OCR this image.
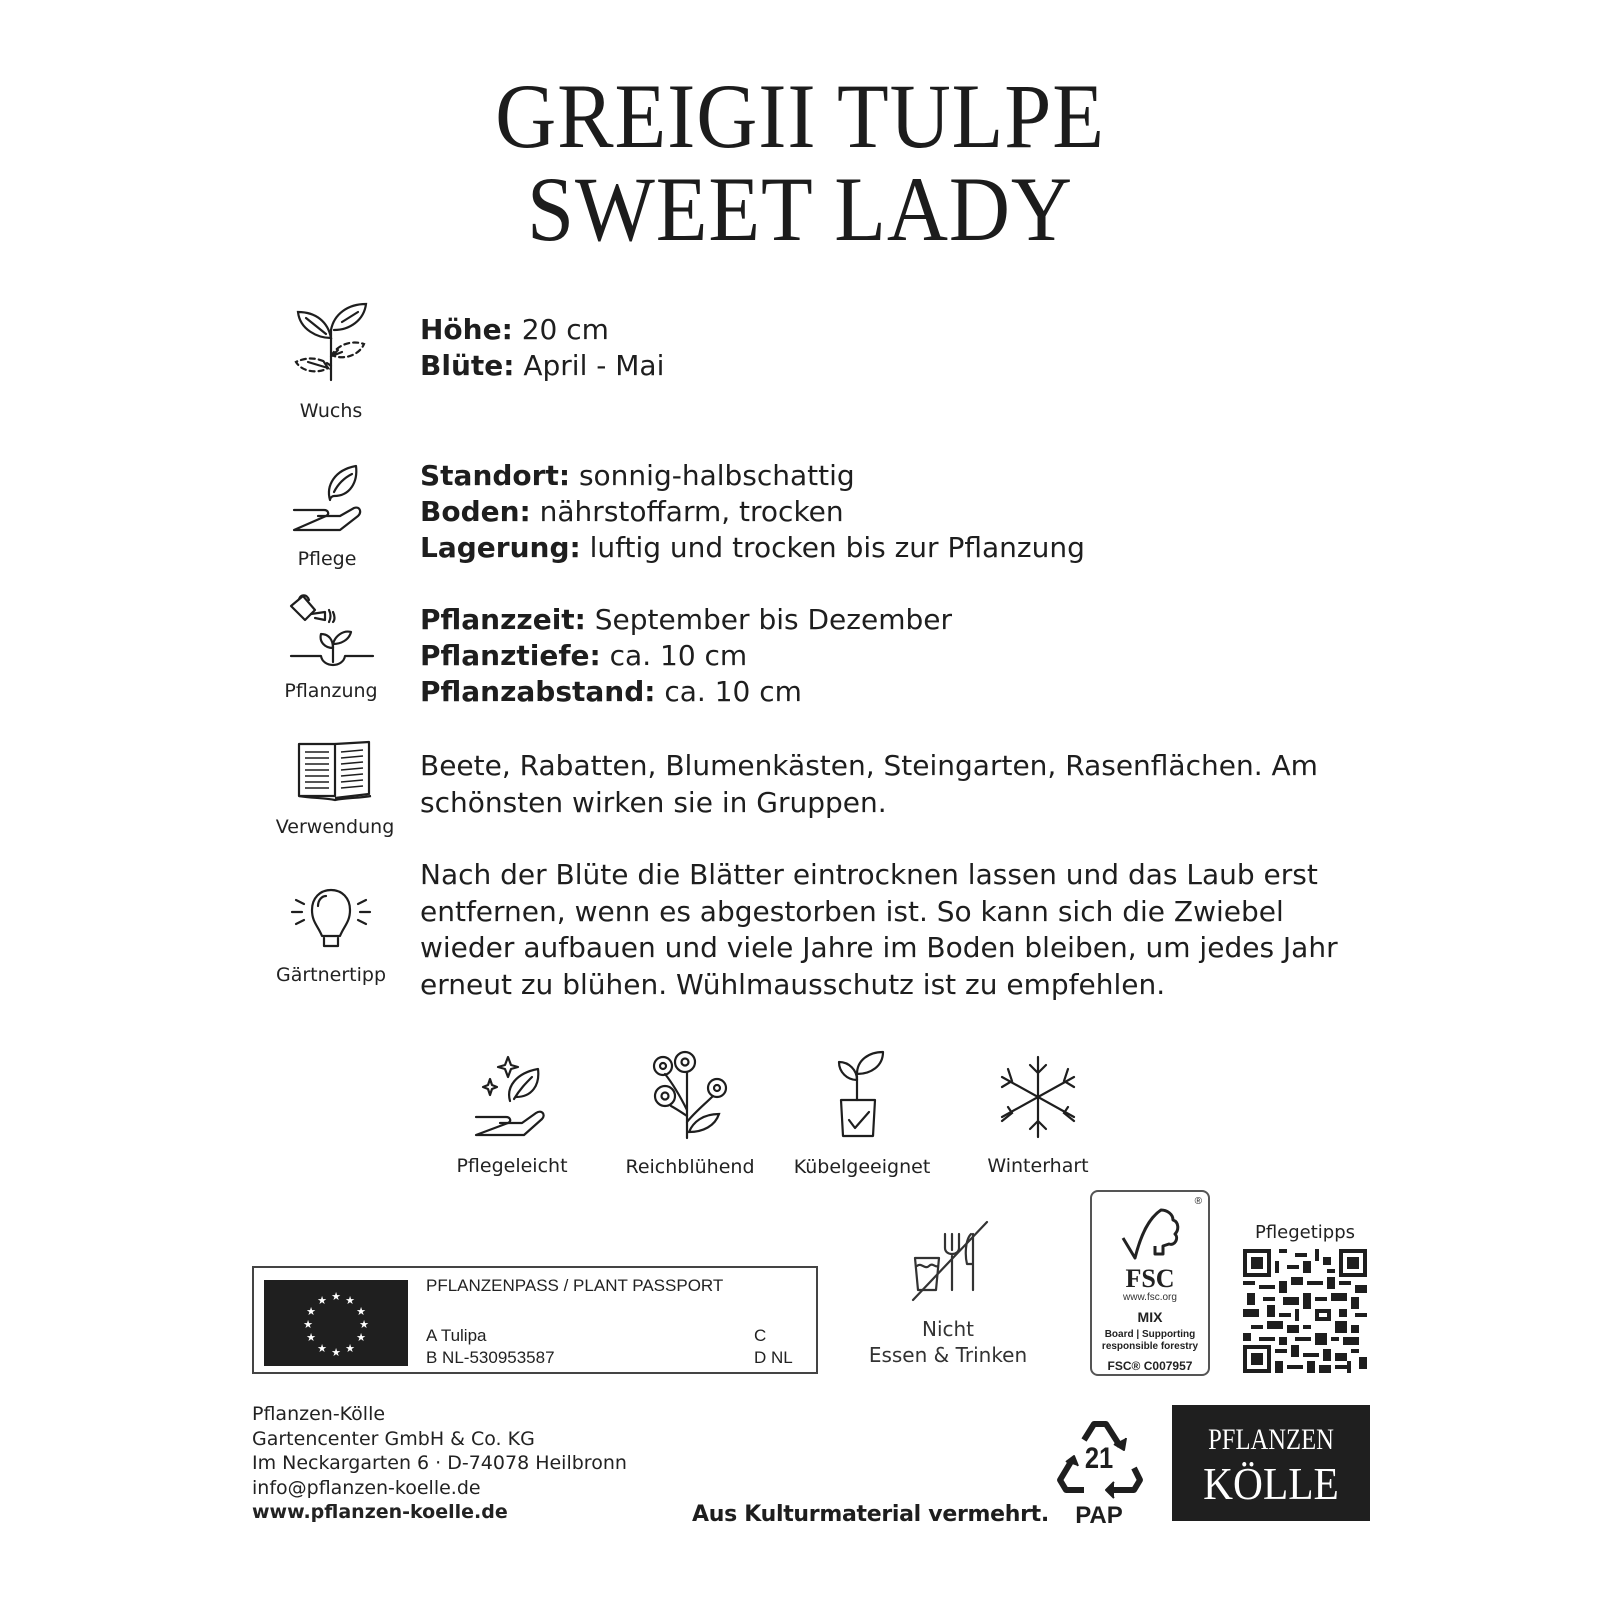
GREIGII TULPE
SWEET LADY
Wuchs
Höhe: 20 cm
Blüte: April - Mai
Pflege
Standort: sonnig-halbschattig
Boden: nährstoffarm, trocken
Lagerung: luftig und trocken bis zur Pflanzung
Pflanzung
Pflanzzeit: September bis Dezember
Pflanztiefe: ca. 10 cm
Pflanzabstand: ca. 10 cm
Verwendung
Beete, Rabatten, Blumenkästen, Steingarten, Rasenflächen. Am
schönsten wirken sie in Gruppen.
Gärtnertipp
Nach der Blüte die Blätter eintrocknen lassen und das Laub erst
entfernen, wenn es abgestorben ist. So kann sich die Zwiebel
wieder aufbauen und viele Jahre im Boden bleiben, um jedes Jahr
erneut zu blühen. Wühlmausschutz ist zu empfehlen.
Pflegeleicht	Reichblühend	Kübelgeeignet	Winterhart
★ ★
★
★
★
★
★
★
★
★
★
★
PFLANZENPASS / PLANT PASSPORT
A Tulipa
B NL-530953587
C
D NL
Nicht
Essen & Trinken
®
FSC
www.fsc.org
MIX
Board | Supporting
responsible forestry
FSC® C007957
Pflegetipps
Pflanzen-Kölle
Gartencenter GmbH & Co. KG
Im Neckargarten 6 · D-74078 Heilbronn
info@pflanzen-koelle.de
www.pflanzen-koelle.de	Aus Kulturmaterial vermehrt.
21
PAP
PFLANZEN
KÖLLE
